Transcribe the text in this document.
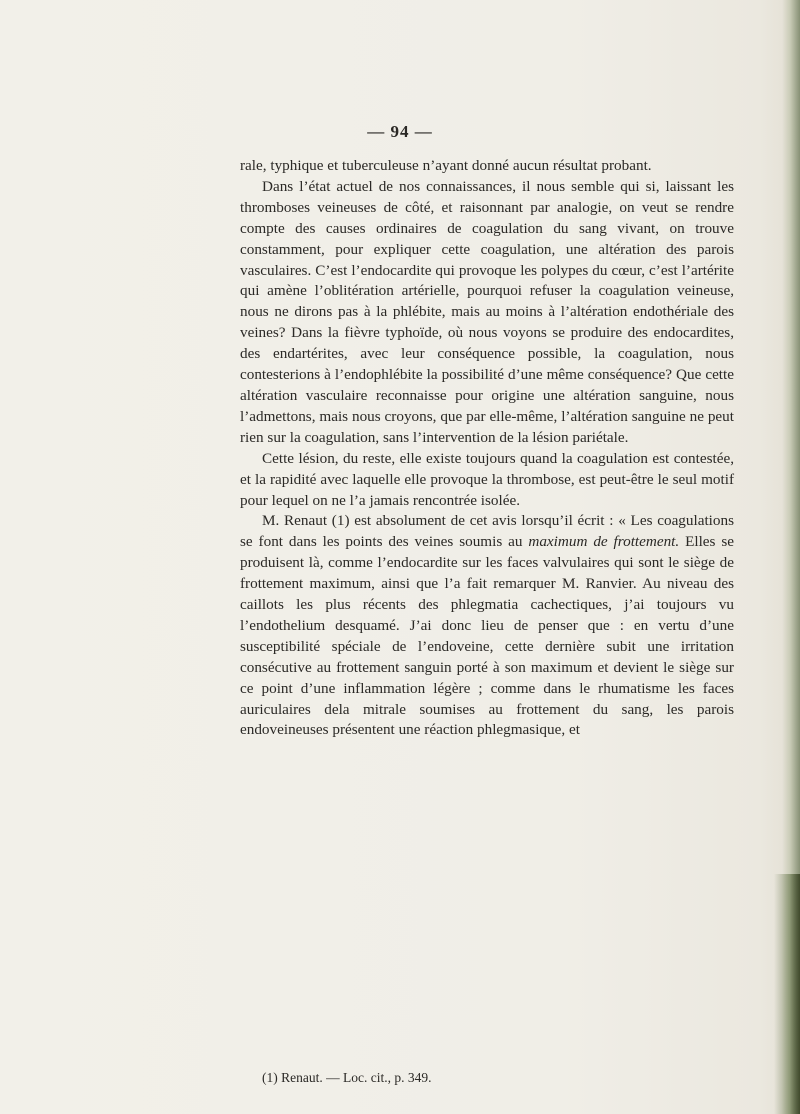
— 94 —

rale, typhique et tuberculeuse n’ayant donné aucun résultat probant.

Dans l’état actuel de nos connaissances, il nous semble qui si, laissant les thromboses veineuses de côté, et raisonnant par analogie, on veut se rendre compte des causes ordinaires de coagulation du sang vivant, on trouve constamment, pour expliquer cette coagulation, une altération des parois vasculaires. C’est l’endocardite qui provoque les polypes du cœur, c’est l’artérite qui amène l’oblitération artérielle, pourquoi refuser la coagulation veineuse, nous ne dirons pas à la phlébite, mais au moins à l’altération endothériale des veines? Dans la fièvre typhoïde, où nous voyons se produire des endocardites, des endartérites, avec leur conséquence possible, la coagulation, nous contesterions à l’endophlébite la possibilité d’une même conséquence? Que cette altération vasculaire reconnaisse pour origine une altération sanguine, nous l’admettons, mais nous croyons, que par elle-même, l’altération sanguine ne peut rien sur la coagulation, sans l’intervention de la lésion pariétale.

Cette lésion, du reste, elle existe toujours quand la coagulation est contestée, et la rapidité avec laquelle elle provoque la thrombose, est peut-être le seul motif pour lequel on ne l’a jamais rencontrée isolée.

M. Renaut (1) est absolument de cet avis lorsqu’il écrit : « Les coagulations se font dans les points des veines soumis au maximum de frottement. Elles se produisent là, comme l’endocardite sur les faces valvulaires qui sont le siège de frottement maximum, ainsi que l’a fait remarquer M. Ranvier. Au niveau des caillots les plus récents des phlegmatia cachectiques, j’ai toujours vu l’endothelium desquamé. J’ai donc lieu de penser que : en vertu d’une susceptibilité spéciale de l’endoveine, cette dernière subit une irritation consécutive au frottement sanguin porté à son maximum et devient le siège sur ce point d’une inflammation légère ; comme dans le rhumatisme les faces auriculaires dela mitrale soumises au frottement du sang, les parois endoveineuses présentent une réaction phlegmasique, et

(1) Renaut. — Loc. cit., p. 349.
